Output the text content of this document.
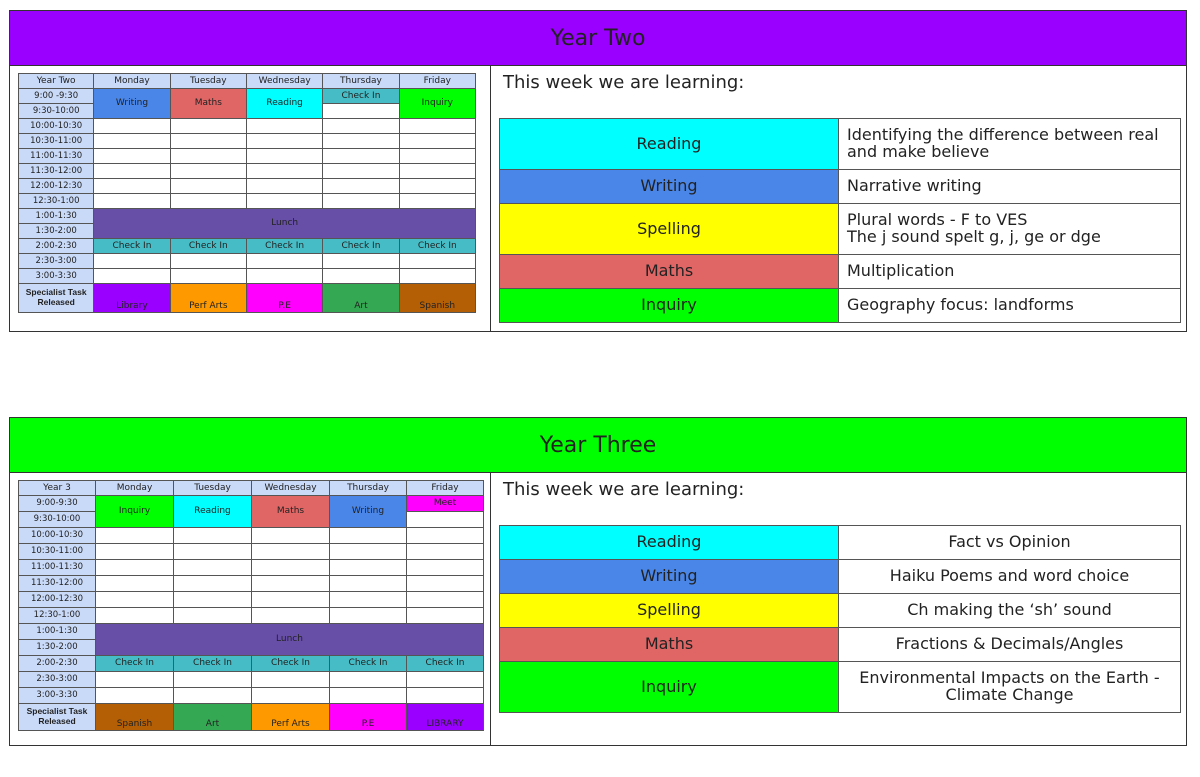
Year Two
Year Two	Monday	Tuesday	Wednesday	Thursday	Friday
9:00 -9:30	Writing	Maths	Reading	Check In	Inquiry
9:30-10:00					
10:00-10:30					
10:30-11:00					
11:00-11:30					
11:30-12:00					
12:00-12:30					
12:30-1:00					
1:00-1:30	Lunch				
1:30-2:00					
2:00-2:30	Check In	Check In	Check In	Check In	Check In
2:30-3:00					
3:00-3:30					
Specialist Task Released	Library	Perf Arts	P.E	Art	Spanish
This week we are learning:
Reading	Identifying the difference between real and make believe
Writing	Narrative writing
Spelling	Plural words - F to VES
The j sound spelt g, j, ge or dge

Maths	Multiplication
Inquiry	Geography focus: landforms
Year Three
Year 3	Monday	Tuesday	Wednesday	Thursday	Friday
9:00-9:30	Inquiry	Reading	Maths	Writing	Meet
9:30-10:00					
10:00-10:30					
10:30-11:00					
11:00-11:30					
11:30-12:00					
12:00-12:30					
12:30-1:00					
1:00-1:30	Lunch				
1:30-2:00					
2:00-2:30	Check In	Check In	Check In	Check In	Check In
2:30-3:00					
3:00-3:30					
Specialist Task Released	Spanish	Art	Perf Arts	P.E	LIBRARY
This week we are learning:
Reading	Fact vs Opinion
Writing	Haiku Poems and word choice
Spelling	Ch making the ‘sh’ sound
Maths	Fractions & Decimals/Angles
Inquiry	Environmental Impacts on the Earth - Climate Change
